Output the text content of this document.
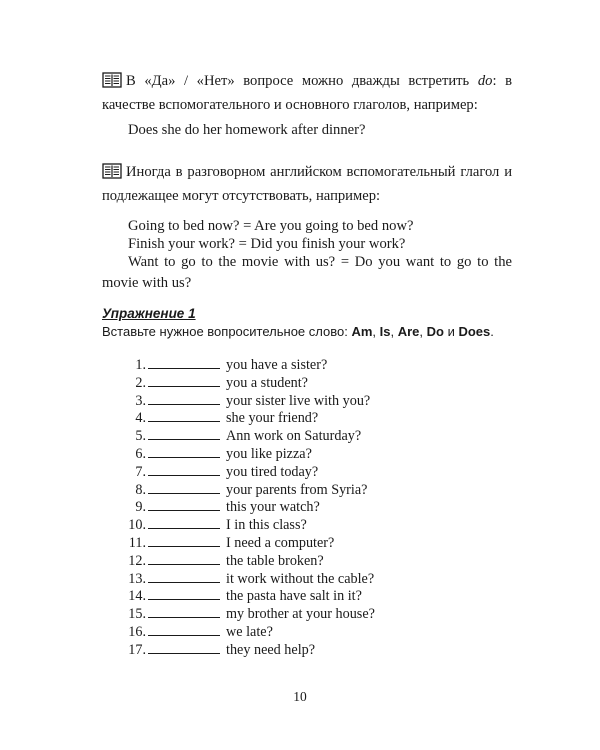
В «Да» / «Нет» вопросе можно дважды встретить do: в качестве вспомогательного и основного глаголов, например:
Does she do her homework after dinner?
Иногда в разговорном английском вспомогательный глагол и подлежащее могут отсутствовать, например:
Going to bed now? = Are you going to bed now?
Finish your work? = Did you finish your work?
Want to go to the movie with us? = Do you want to go to the movie with us?
Упражнение 1
Вставьте нужное вопросительное слово: Am, Is, Are, Do и Does.
1.	you have a sister?
2.	you a student?
3.	your sister live with you?
4.	she your friend?
5.	Ann work on Saturday?
6.	you like pizza?
7.	you tired today?
8.	your parents from Syria?
9.	this your watch?
10.	I in this class?
11.	I need a computer?
12.	the table broken?
13.	it work without the cable?
14.	the pasta have salt in it?
15.	my brother at your house?
16.	we late?
17.	they need help?
10
